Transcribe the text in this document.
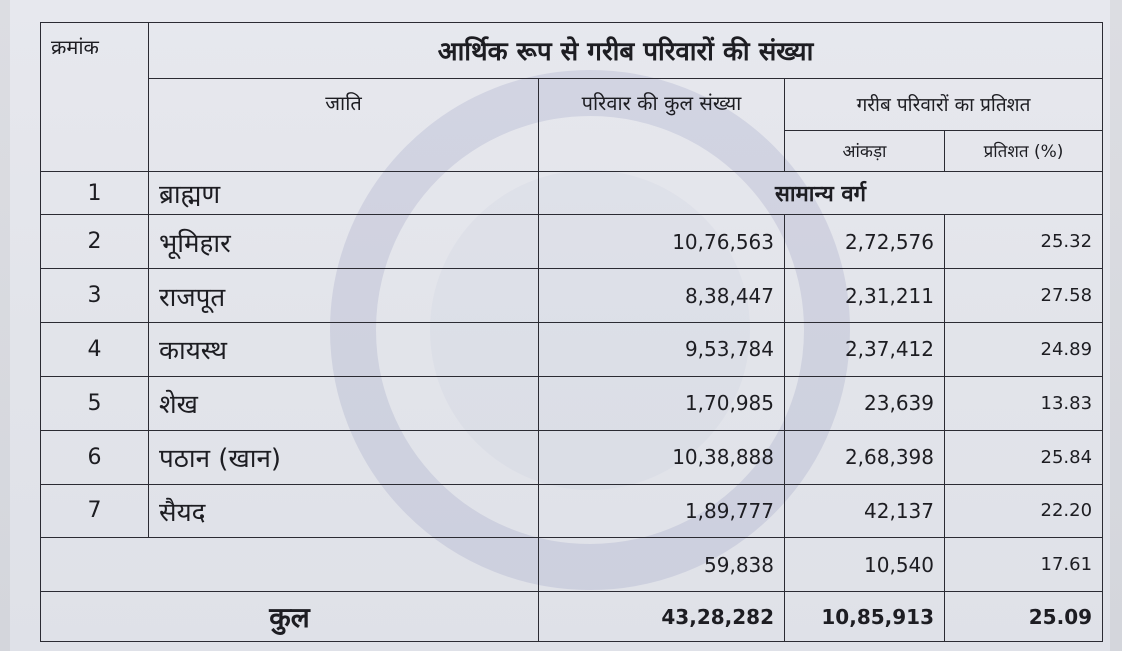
क्रमांक	आर्थिक रूप से गरीब परिवारों की संख्या			
	जाति	परिवार की कुल संख्या	गरीब परिवारों का प्रतिशत	
			आंकड़ा	प्रतिशत (%)
1	ब्राह्मण	सामान्य वर्ग		
2	भूमिहार	10,76,563	2,72,576	25.32
3	राजपूत	8,38,447	2,31,211	27.58
4	कायस्थ	9,53,784	2,37,412	24.89
5	शेख	1,70,985	23,639	13.83
6	पठान (खान)	10,38,888	2,68,398	25.84
7	सैयद	1,89,777	42,137	22.20
		59,838	10,540	17.61
कुल		43,28,282	10,85,913	25.09
